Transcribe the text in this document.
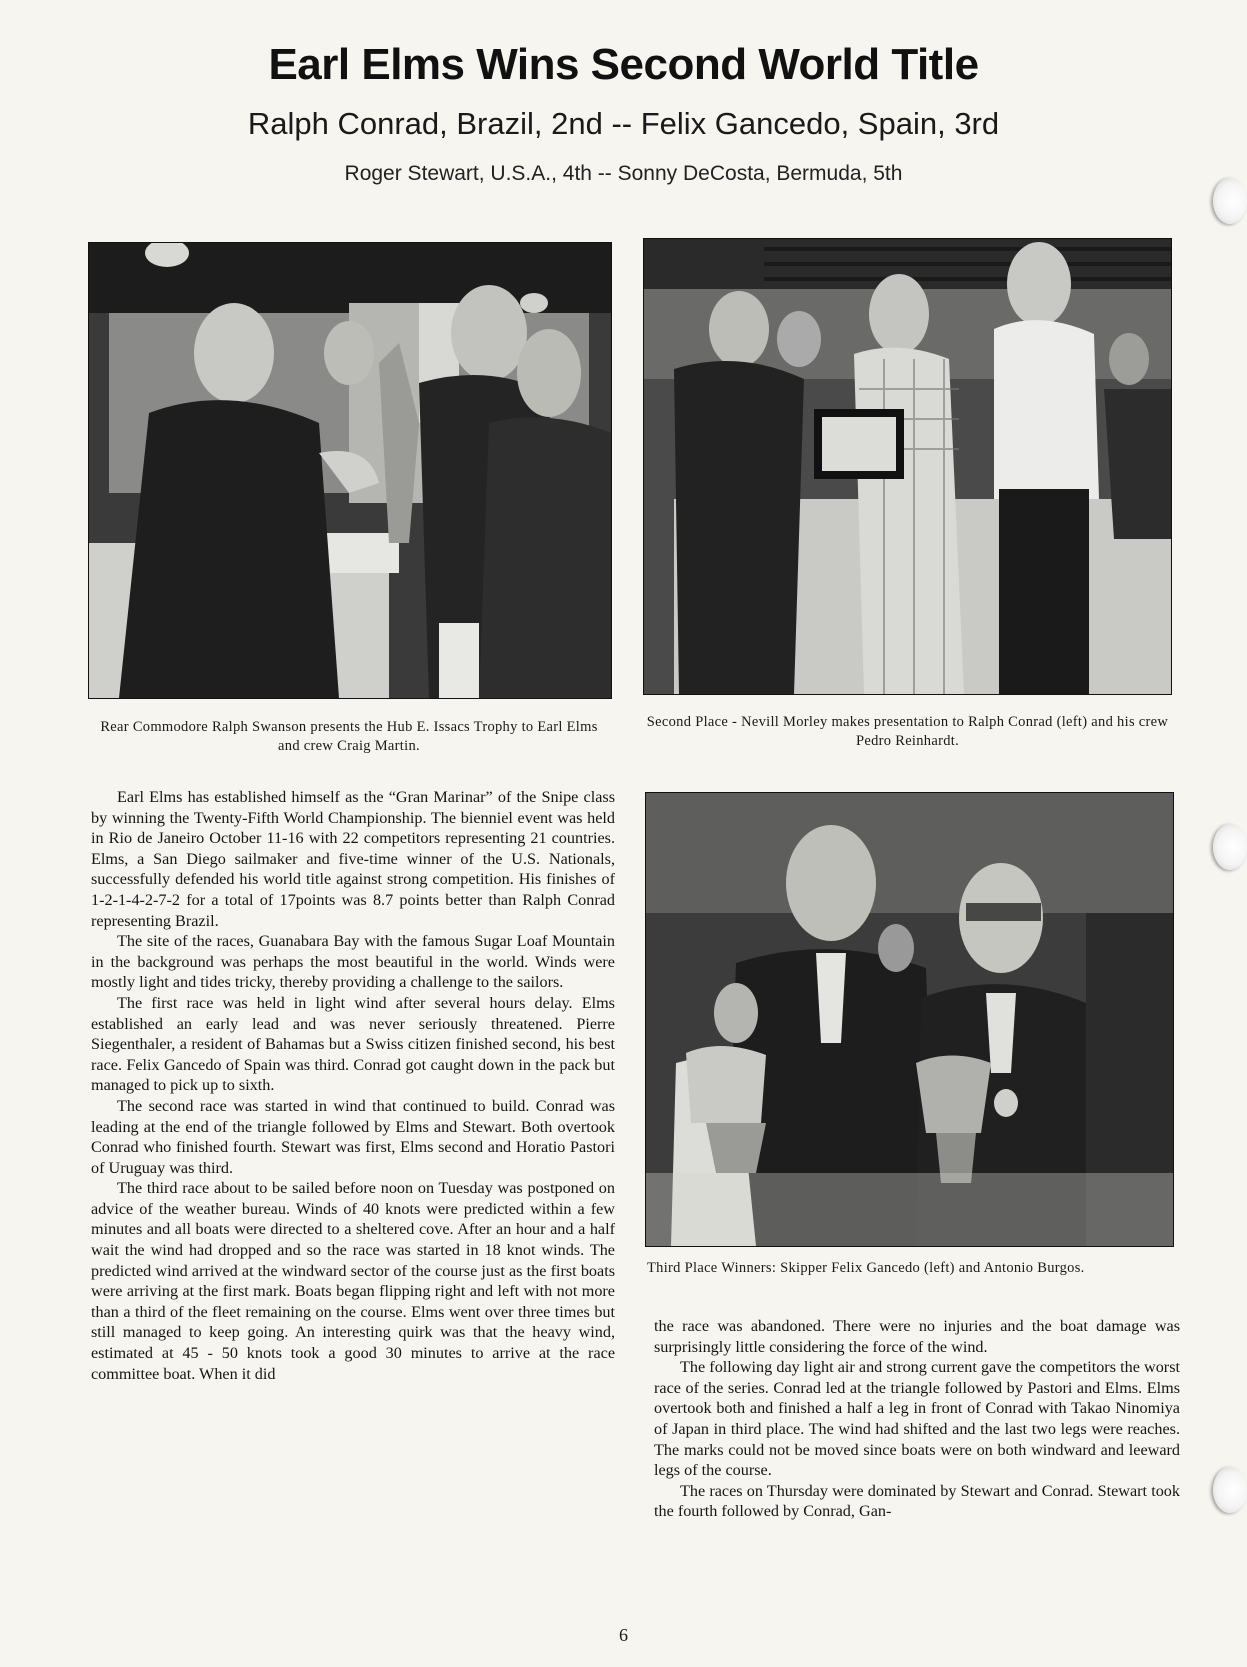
Earl Elms Wins Second World Title
Ralph Conrad, Brazil, 2nd -- Felix Gancedo, Spain, 3rd
Roger Stewart, U.S.A., 4th -- Sonny DeCosta, Bermuda, 5th
Rear Commodore Ralph Swanson presents the Hub E. Issacs Trophy to Earl Elms and crew Craig Martin.
Second Place - Nevill Morley makes presentation to Ralph Conrad (left) and his crew Pedro Reinhardt.
Third Place Winners: Skipper Felix Gancedo (left) and Antonio Burgos.

Earl Elms has established himself as the “Gran Marinar” of the Snipe class by winning the Twenty-Fifth World Championship. The bienniel event was held in Rio de Janeiro October 11-16 with 22 competitors representing 21 countries. Elms, a San Diego sailmaker and five-time winner of the U.S. Nationals, successfully defended his world title against strong competition. His finishes of 1-2-1-4-2-7-2 for a total of 17points was 8.7 points better than Ralph Conrad representing Brazil.

The site of the races, Guanabara Bay with the famous Sugar Loaf Mountain in the background was perhaps the most beautiful in the world. Winds were mostly light and tides tricky, thereby providing a challenge to the sailors.

The first race was held in light wind after several hours delay. Elms established an early lead and was never seriously threatened. Pierre Siegenthaler, a resident of Bahamas but a Swiss citizen finished second, his best race. Felix Gancedo of Spain was third. Conrad got caught down in the pack but managed to pick up to sixth.

The second race was started in wind that continued to build. Conrad was leading at the end of the triangle followed by Elms and Stewart. Both overtook Conrad who finished fourth. Stewart was first, Elms second and Horatio Pastori of Uruguay was third.

The third race about to be sailed before noon on Tuesday was postponed on advice of the weather bureau. Winds of 40 knots were predicted within a few minutes and all boats were directed to a sheltered cove. After an hour and a half wait the wind had dropped and so the race was started in 18 knot winds. The predicted wind arrived at the windward sector of the course just as the first boats were arriving at the first mark. Boats began flipping right and left with not more than a third of the fleet remaining on the course. Elms went over three times but still managed to keep going. An interesting quirk was that the heavy wind, estimated at 45 - 50 knots took a good 30 minutes to arrive at the race committee boat. When it did

the race was abandoned. There were no injuries and the boat damage was surprisingly little considering the force of the wind.

The following day light air and strong current gave the competitors the worst race of the series. Conrad led at the triangle followed by Pastori and Elms. Elms overtook both and finished a half a leg in front of Conrad with Takao Ninomiya of Japan in third place. The wind had shifted and the last two legs were reaches. The marks could not be moved since boats were on both windward and leeward legs of the course.

The races on Thursday were dominated by Stewart and Conrad. Stewart took the fourth followed by Conrad, Gan-

6
